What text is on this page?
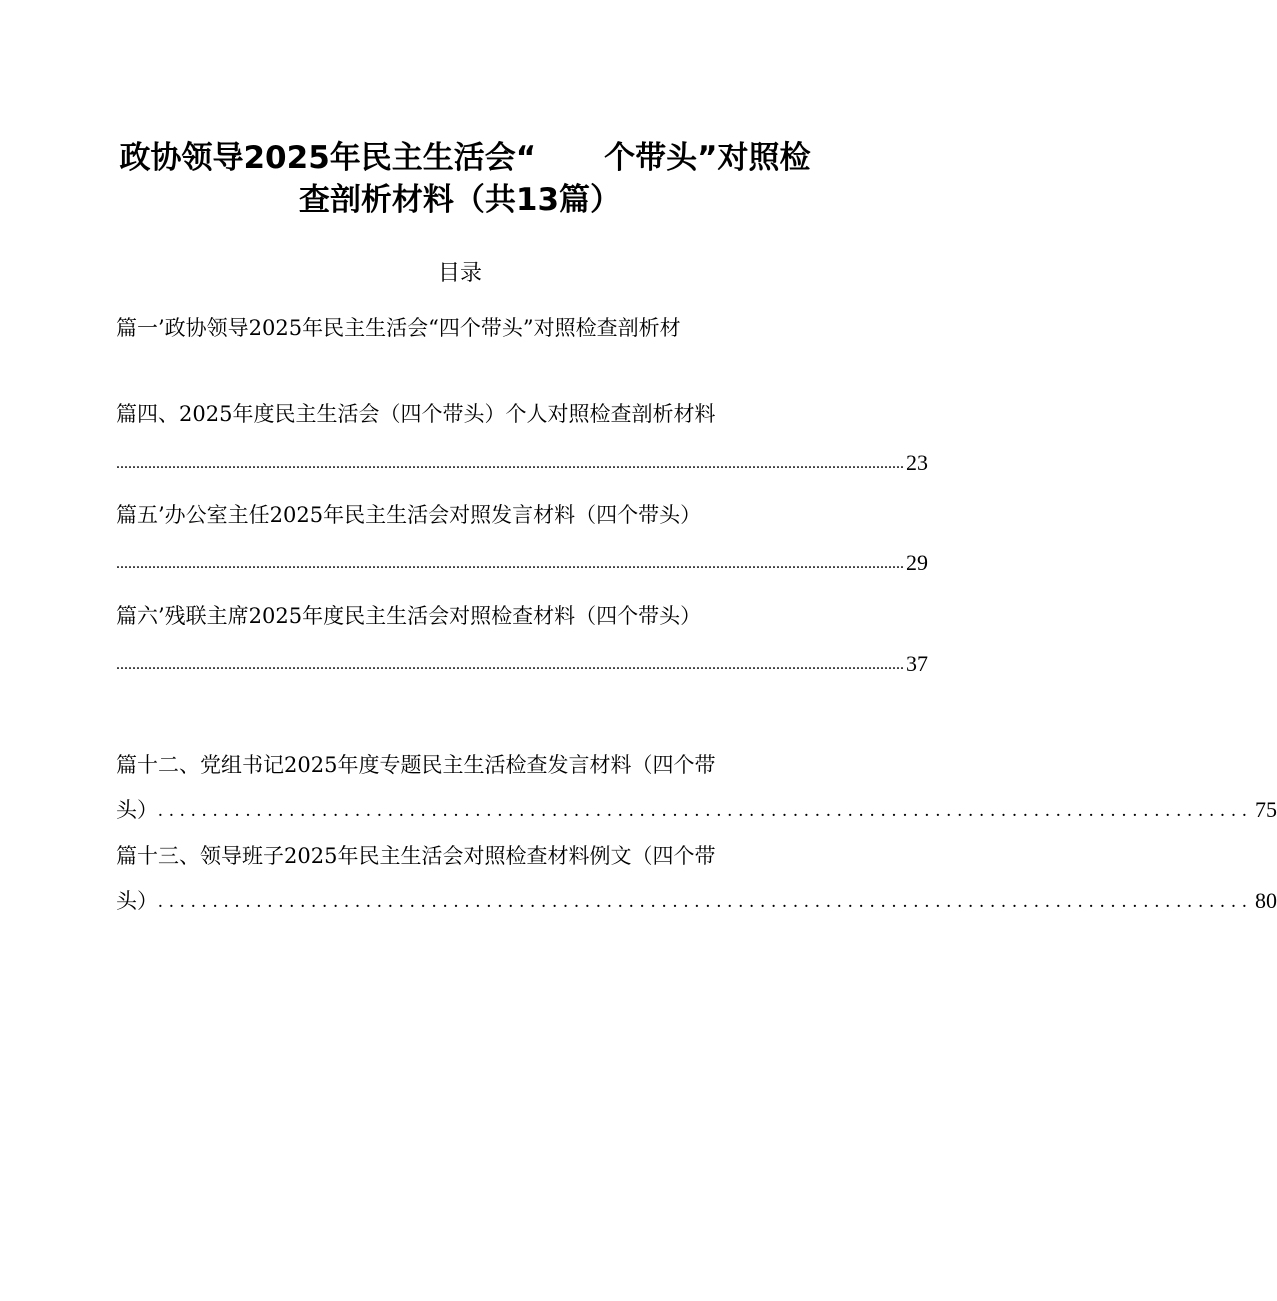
政协领导2025年民主生活会“ 个带头”对照检
查剖析材料（共13篇）
目录
篇一’政协领导2025年民主生活会“四个带头”对照检查剖析材
篇四、2025年度民主生活会（四个带头）个人对照检查剖析材料
..................................................................................................................................................................................................... 23
篇五’办公室主任2025年民主生活会对照发言材料（四个带头）
..................................................................................................................................................................................................... 29
篇六’残联主席2025年度民主生活会对照检查材料（四个带头）
..................................................................................................................................................................................................... 37
篇十二、党组书记2025年度专题民主生活检查发言材料（四个带
头） .................................................................................................... 75
篇十三、领导班子2025年民主生活会对照检查材料例文（四个带
头） .................................................................................................... 80
